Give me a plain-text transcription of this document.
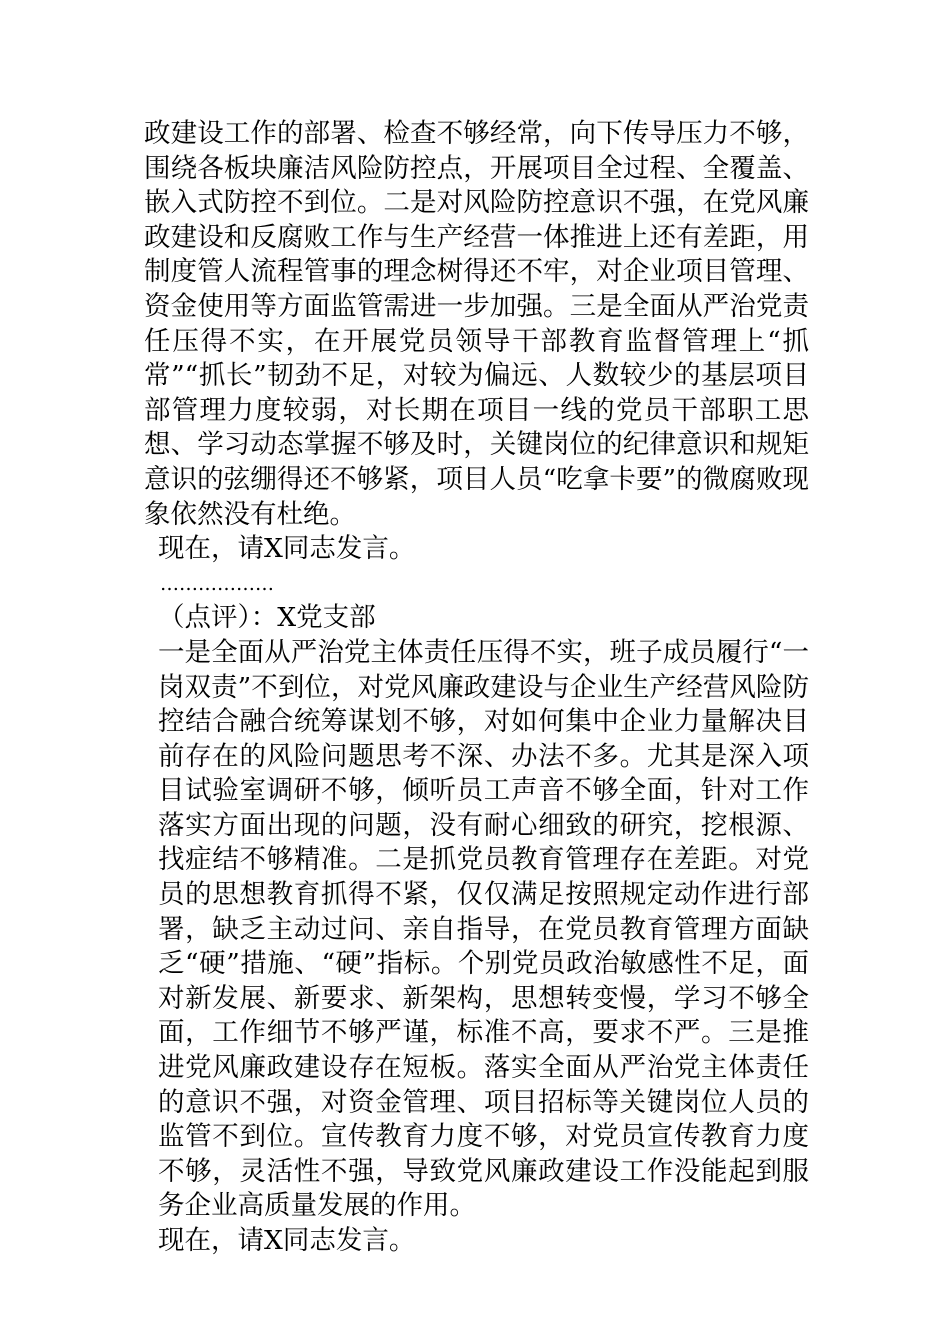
政建设工作的部署、检查不够经常，向下传导压力不够，围绕各板块廉洁风险防控点，开展项目全过程、全覆盖、嵌入式防控不到位。二是对风险防控意识不强，在党风廉政建设和反腐败工作与生产经营一体推进上还有差距，用制度管人流程管事的理念树得还不牢，对企业项目管理、资金使用等方面监管需进一步加强。三是全面从严治党责任压得不实，在开展党员领导干部教育监督管理上“抓常”“抓长”韧劲不足，对较为偏远、人数较少的基层项目部管理力度较弱，对长期在项目一线的党员干部职工思想、学习动态掌握不够及时，关键岗位的纪律意识和规矩意识的弦绷得还不够紧，项目人员“吃拿卡要”的微腐败现象依然没有杜绝。

现在，请X同志发言。

………………

（点评）：X党支部

一是全面从严治党主体责任压得不实，班子成员履行“一岗双责”不到位，对党风廉政建设与企业生产经营风险防控结合融合统筹谋划不够，对如何集中企业力量解决目前存在的风险问题思考不深、办法不多。尤其是深入项目试验室调研不够，倾听员工声音不够全面，针对工作落实方面出现的问题，没有耐心细致的研究，挖根源、找症结不够精准。二是抓党员教育管理存在差距。对党员的思想教育抓得不紧，仅仅满足按照规定动作进行部署，缺乏主动过问、亲自指导，在党员教育管理方面缺乏“硬”措施、“硬”指标。个别党员政治敏感性不足，面对新发展、新要求、新架构，思想转变慢，学习不够全面，工作细节不够严谨，标准不高，要求不严。三是推进党风廉政建设存在短板。落实全面从严治党主体责任的意识不强，对资金管理、项目招标等关键岗位人员的监管不到位。宣传教育力度不够，对党员宣传教育力度不够，灵活性不强，导致党风廉政建设工作没能起到服务企业高质量发展的作用。

现在，请X同志发言。
